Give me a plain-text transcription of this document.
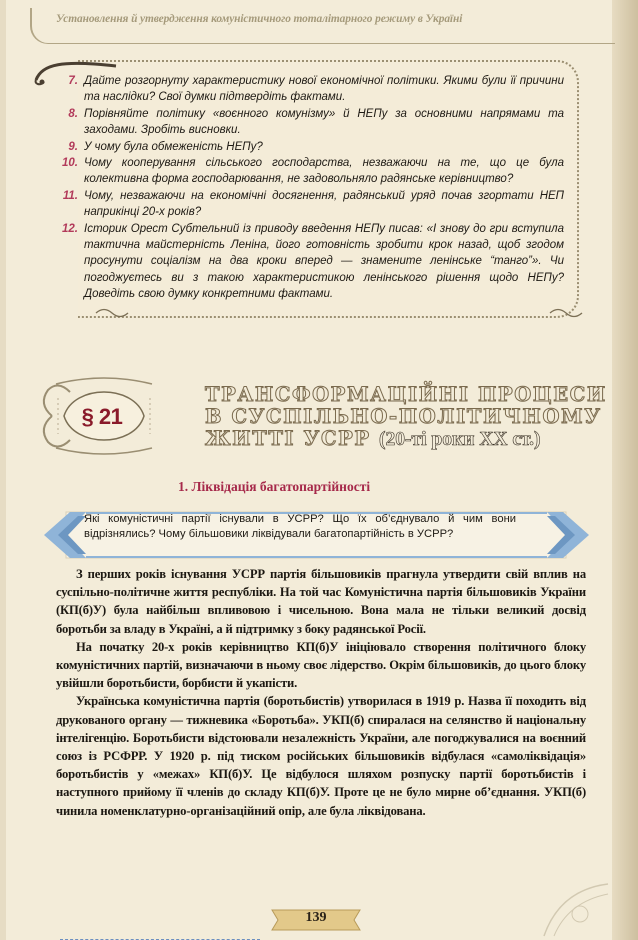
Установлення й утвердження комуністичного тоталітарного режиму в Україні
7. Дайте розгорнуту характеристику нової економічної політики. Якими були її причини та наслідки? Свої думки підтвердіть фактами.
8. Порівняйте політику «воєнного комунізму» й НЕПу за основними напрямами та заходами. Зробіть висновки.
9. У чому була обмеженість НЕПу?
10. Чому кооперування сільського господарства, незважаючи на те, що це була колективна форма господарювання, не задовольняло радянське керівництво?
11. Чому, незважаючи на економічні досягнення, радянський уряд почав згортати НЕП наприкінці 20-х років?
12. Історик Орест Субтельний із приводу введення НЕПу писав: «І знову до гри вступила тактична майстерність Леніна, його готовність зробити крок назад, щоб згодом просунути соціалізм на два кроки вперед — знаменитe ленінське “танго”». Чи погоджуєтесь ви з такою характеристикою ленінського рішення щодо НЕПу? Доведіть свою думку конкретними фактами.
§ 21
ТРАНСФОРМАЦІЙНІ ПРОЦЕСИ
В СУСПІЛЬНО-ПОЛІТИЧНОМУ
ЖИТТІ УСРР (20-ті роки XX ст.)
1. Ліквідація багатопартійності
Які комуністичні партії існували в УСРР? Що їх об’єднувало й чим вони відрізнялись? Чому більшовики ліквідували багатопартійність в УСРР?

З перших років існування УСРР партія більшовиків прагнула утвердити свій вплив на суспільно-політичне життя республіки. На той час Комуністична партія більшовиків України (КП(б)У) була найбільш впливовою і чисельною. Вона мала не тільки великий досвід боротьби за владу в Україні, а й підтримку з боку радянської Росії.

На початку 20-х років керівництво КП(б)У ініціювало створення політичного блоку комуністичних партій, визначаючи в ньому своє лідерство. Окрім більшовиків, до цього блоку увійшли боротьбисти, борбисти й укапісти.

Українська комуністична партія (боротьбистів) утворилася в 1919 р. Назва її походить від друкованого органу — тижневика «Боротьба». УКП(б) спиралася на селянство й національну інтелігенцію. Боротьбисти відстоювали незалежність України, але погоджувалися на воєнний союз із РСФРР. У 1920 р. під тиском російських більшовиків відбулася «самоліквідація» боротьбистів у «межах» КП(б)У. Це відбулося шляхом розпуску партії боротьбистів і наступного прийому її членів до складу КП(б)У. Проте це не було мирне об’єднання. УКП(б) чинила номенклатурно-організаційний опір, але була ліквідована.

139
